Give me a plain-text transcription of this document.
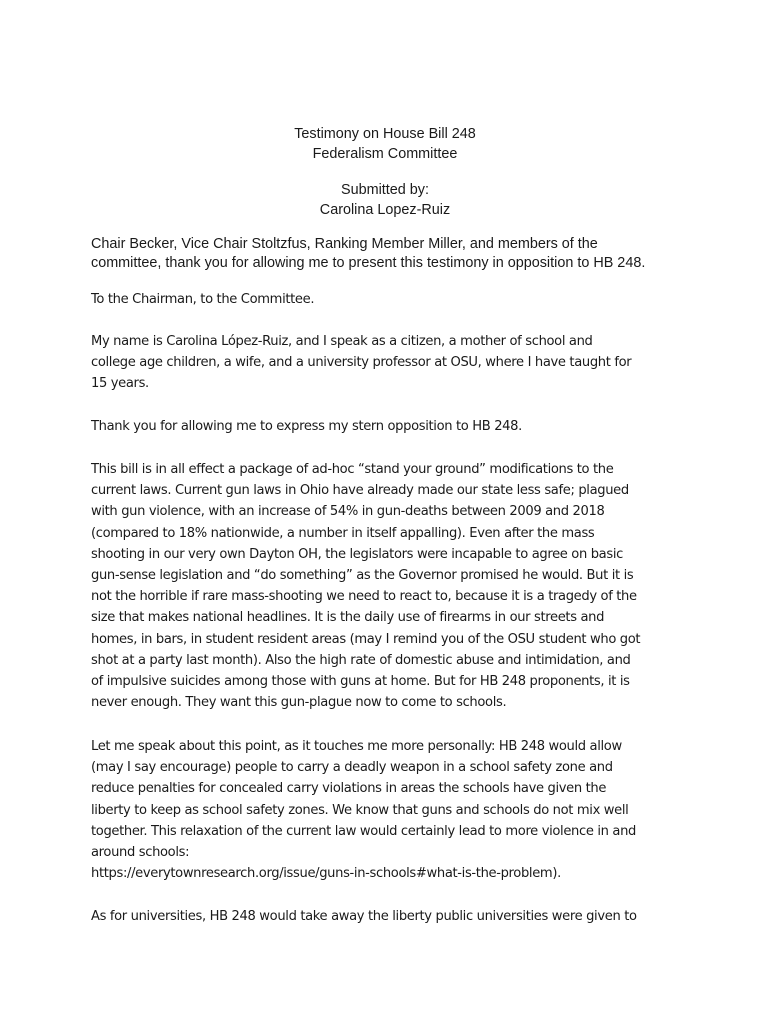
Testimony on House Bill 248
Federalism Committee
Submitted by:
Carolina Lopez-Ruiz
Chair Becker, Vice Chair Stoltzfus, Ranking Member Miller, and members of the
committee, thank you for allowing me to present this testimony in opposition to HB 248.
To the Chairman, to the Committee.
My name is Carolina López-Ruiz, and I speak as a citizen, a mother of school and
college age children, a wife, and a university professor at OSU, where I have taught for
15 years.
Thank you for allowing me to express my stern opposition to HB 248.
This bill is in all effect a package of ad-hoc “stand your ground” modifications to the
current laws. Current gun laws in Ohio have already made our state less safe; plagued
with gun violence, with an increase of 54% in gun-deaths between 2009 and 2018
(compared to 18% nationwide, a number in itself appalling). Even after the mass
shooting in our very own Dayton OH, the legislators were incapable to agree on basic
gun-sense legislation and “do something” as the Governor promised he would. But it is
not the horrible if rare mass-shooting we need to react to, because it is a tragedy of the
size that makes national headlines. It is the daily use of firearms in our streets and
homes, in bars, in student resident areas (may I remind you of the OSU student who got
shot at a party last month). Also the high rate of domestic abuse and intimidation, and
of impulsive suicides among those with guns at home. But for HB 248 proponents, it is
never enough. They want this gun-plague now to come to schools.
Let me speak about this point, as it touches me more personally: HB 248 would allow
(may I say encourage) people to carry a deadly weapon in a school safety zone and
reduce penalties for concealed carry violations in areas the schools have given the
liberty to keep as school safety zones. We know that guns and schools do not mix well
together. This relaxation of the current law would certainly lead to more violence in and
around schools:
https://everytownresearch.org/issue/guns-in-schools#what-is-the-problem).
As for universities, HB 248 would take away the liberty public universities were given to
